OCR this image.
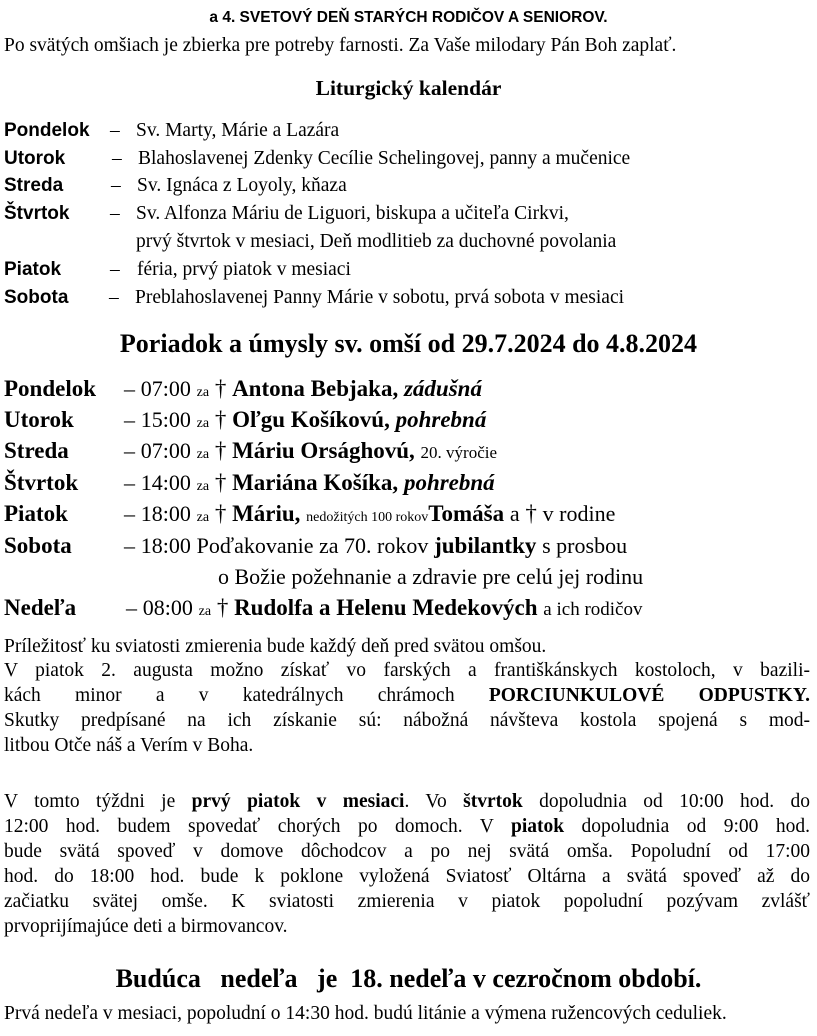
a 4. SVETOVÝ DEŇ STARÝCH RODIČOV A SENIOROV.
Po svätých omšiach je zbierka pre potreby farnosti. Za Vaše milodary Pán Boh zaplať.
Liturgický kalendár
Pondelok – Sv. Marty, Márie a Lazára
Utorok – Blahoslavenej Zdenky Cecílie Schelingovej, panny a mučenice
Streda – Sv. Ignáca z Loyoly, kňaza
Štvrtok – Sv. Alfonza Máriu de Liguori, biskupa a učiteľa Cirkvi,
prvý štvrtok v mesiaci, Deň modlitieb za duchovné povolania
Piatok	– féria, prvý piatok v mesiaci
Sobota – Preblahoslavenej Panny Márie v sobotu, prvá sobota v mesiaci
Poriadok a úmysly sv. omší od 29.7.2024 do 4.8.2024
Pondelok – 07:00 za † Antona Bebjaka, zádušná
Utorok – 15:00 za † Oľgu Košíkovú, pohrebná
Streda	– 07:00 za † Máriu Orsághovú, 20. výročie
Štvrtok – 14:00 za † Mariána Košíka, pohrebná
Piatok	– 18:00 za † Máriu, nedožitých 100 rokovTomáša a † v rodine
Sobota – 18:00 Poďakovanie za 70. rokov jubilantky s prosbou
o Božie požehnanie a zdravie pre celú jej rodinu
Nedeľa – 08:00 za † Rudolfa a Helenu Medekových a ich rodičov
Príležitosť ku sviatosti zmierenia bude každý deň pred svätou omšou.
V piatok 2. augusta možno získať vo farských a františkánskych kostoloch, v bazili-
kách minor a v katedrálnych chrámoch PORCIUNKULOVÉ ODPUSTKY.
Skutky predpísané na ich získanie sú: nábožná návšteva kostola spojená s mod-
litbou Otče náš a Verím v Boha.
V tomto týždni je prvý piatok v mesiaci. Vo štvrtok dopoludnia od 10:00 hod. do
12:00 hod. budem spovedať chorých po domoch. V piatok dopoludnia od 9:00 hod.
bude svätá spoveď v domove dôchodcov a po nej svätá omša. Popoludní od 17:00
hod. do 18:00 hod. bude k poklone vyložená Sviatosť Oltárna a svätá spoveď až do
začiatku svätej omše. K sviatosti zmierenia v piatok popoludní pozývam zvlášť
prvoprijímajúce deti a birmovancov.
Budúca   nedeľa   je  18. nedeľa v cezročnom období.
Prvá nedeľa v mesiaci, popoludní o 14:30 hod. budú litánie a výmena ružencových ceduliek.
